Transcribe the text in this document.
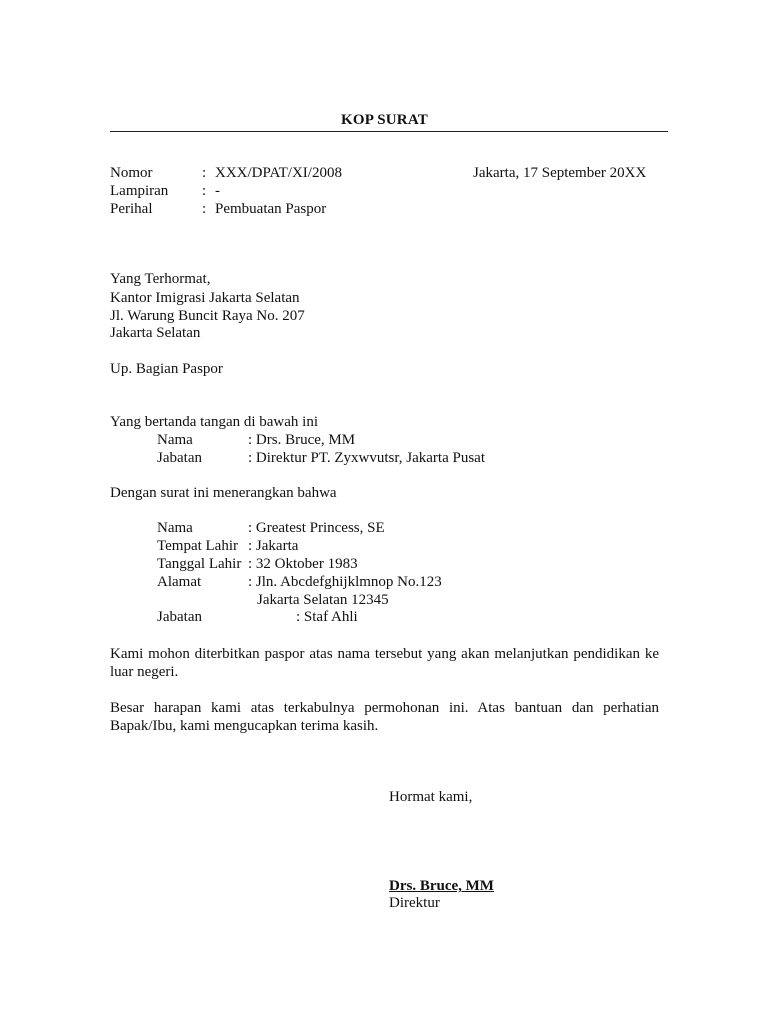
KOP SURAT
Nomor	: XXX/DPAT/XI/2008	Jakarta, 17 September 20XX
Lampiran : -
Perihal	: Pembuatan Paspor
Yang Terhormat,
Kantor Imigrasi Jakarta Selatan
Jl. Warung Buncit Raya No. 207
Jakarta Selatan
Up. Bagian Paspor
Yang bertanda tangan di bawah ini
Nama	: Drs. Bruce, MM
Jabatan	: Direktur PT. Zyxwvutsr, Jakarta Pusat
Dengan surat ini menerangkan bahwa
Nama	: Greatest Princess, SE
Tempat Lahir : Jakarta
Tanggal Lahir : 32 Oktober 1983
Alamat	: Jln. Abcdefghijklmnop No.123
Jakarta Selatan 12345
Jabatan	: Staf Ahli
Kami mohon diterbitkan paspor atas nama tersebut yang akan melanjutkan pendidikan ke luar negeri.
Besar harapan kami atas terkabulnya permohonan ini. Atas bantuan dan perhatian Bapak/Ibu, kami mengucapkan terima kasih.
Hormat kami,
Drs. Bruce, MM
Direktur
